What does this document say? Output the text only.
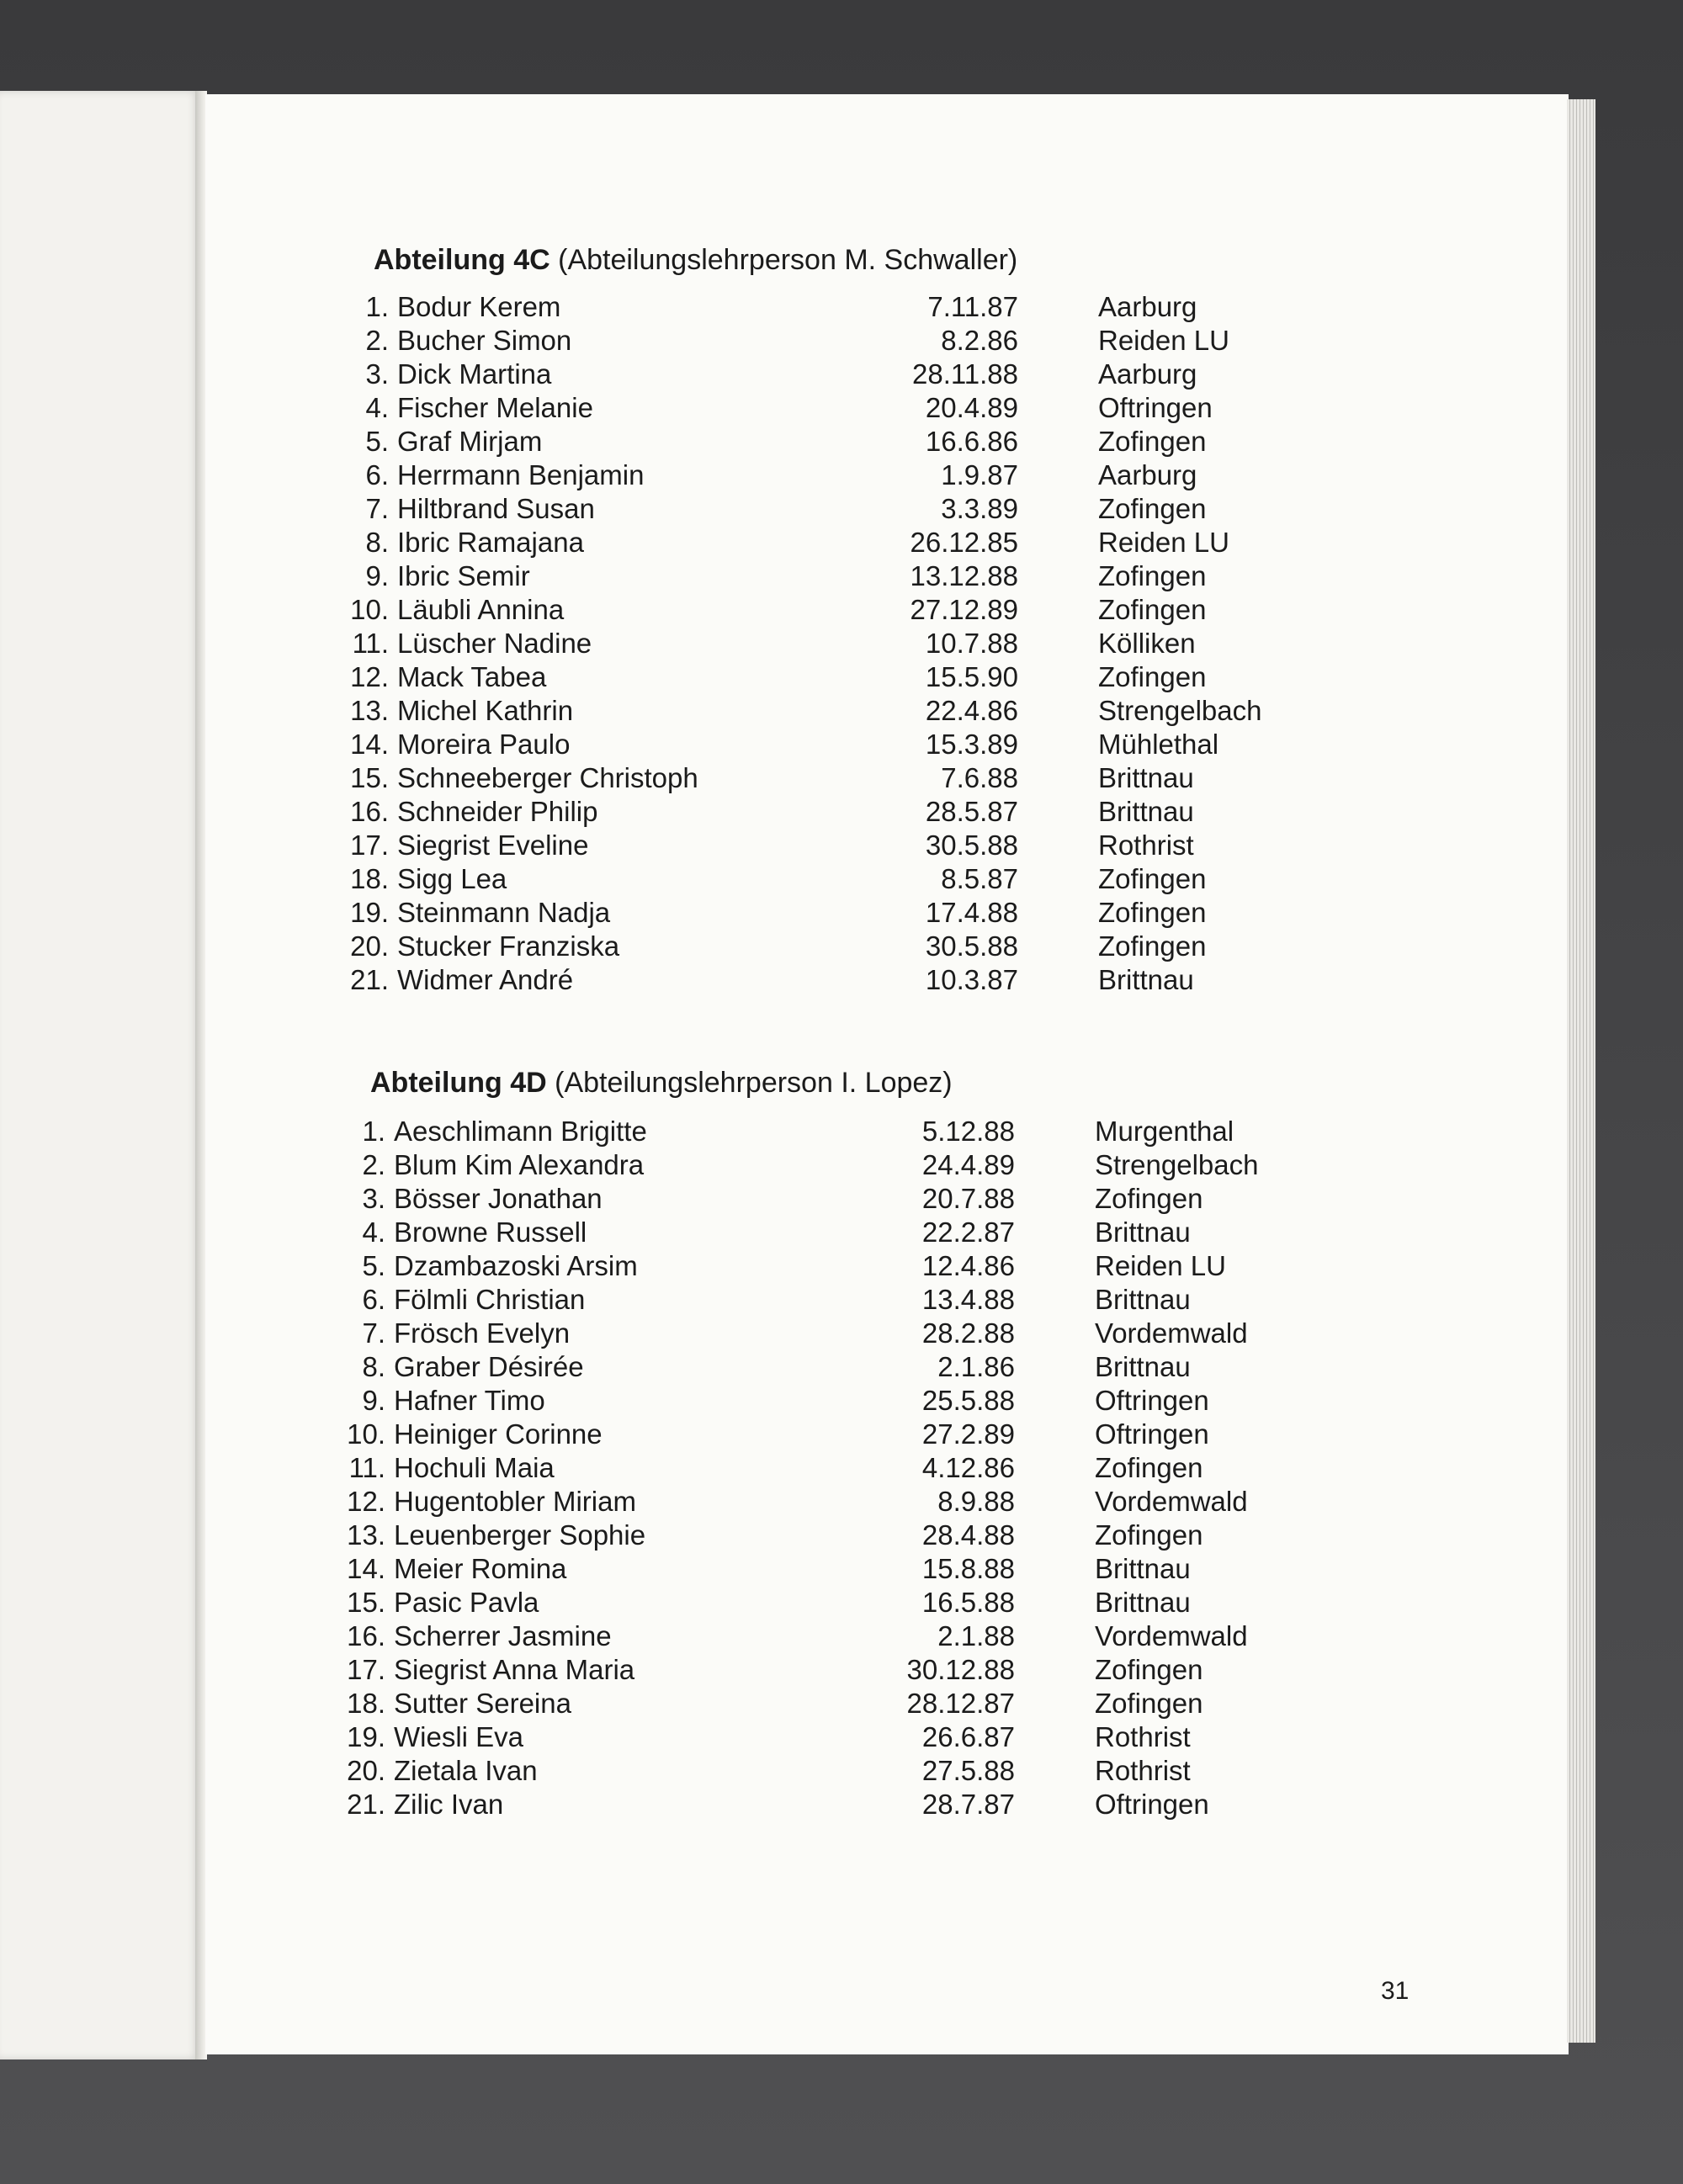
Abteilung 4C (Abteilungslehrperson M. Schwaller)
1. Bodur Kerem	7.11.87	Aarburg
2. Bucher Simon	8.2.86	Reiden LU
3. Dick Martina	28.11.88	Aarburg
4. Fischer Melanie	20.4.89	Oftringen
5. Graf Mirjam	16.6.86	Zofingen
6. Herrmann Benjamin	1.9.87	Aarburg
7. Hiltbrand Susan	3.3.89	Zofingen
8. Ibric Ramajana	26.12.85	Reiden LU
9. Ibric Semir	13.12.88	Zofingen
10. Läubli Annina	27.12.89	Zofingen
11. Lüscher Nadine	10.7.88	Kölliken
12. Mack Tabea	15.5.90	Zofingen
13. Michel Kathrin	22.4.86	Strengelbach
14. Moreira Paulo	15.3.89	Mühlethal
15. Schneeberger Christoph	7.6.88	Brittnau
16. Schneider Philip	28.5.87	Brittnau
17. Siegrist Eveline	30.5.88	Rothrist
18. Sigg Lea	8.5.87	Zofingen
19. Steinmann Nadja	17.4.88	Zofingen
20. Stucker Franziska	30.5.88	Zofingen
21. Widmer André	10.3.87	Brittnau
Abteilung 4D (Abteilungslehrperson I. Lopez)
1. Aeschlimann Brigitte	5.12.88	Murgenthal
2. Blum Kim Alexandra	24.4.89	Strengelbach
3. Bösser Jonathan	20.7.88	Zofingen
4. Browne Russell	22.2.87	Brittnau
5. Dzambazoski Arsim	12.4.86	Reiden LU
6. Fölmli Christian	13.4.88	Brittnau
7. Frösch Evelyn	28.2.88	Vordemwald
8. Graber Désirée	2.1.86	Brittnau
9. Hafner Timo	25.5.88	Oftringen
10. Heiniger Corinne	27.2.89	Oftringen
11. Hochuli Maia	4.12.86	Zofingen
12. Hugentobler Miriam	8.9.88	Vordemwald
13. Leuenberger Sophie	28.4.88	Zofingen
14. Meier Romina	15.8.88	Brittnau
15. Pasic Pavla	16.5.88	Brittnau
16. Scherrer Jasmine	2.1.88	Vordemwald
17. Siegrist Anna Maria	30.12.88	Zofingen
18. Sutter Sereina	28.12.87	Zofingen
19. Wiesli Eva	26.6.87	Rothrist
20. Zietala Ivan	27.5.88	Rothrist
21. Zilic Ivan	28.7.87	Oftringen
31
